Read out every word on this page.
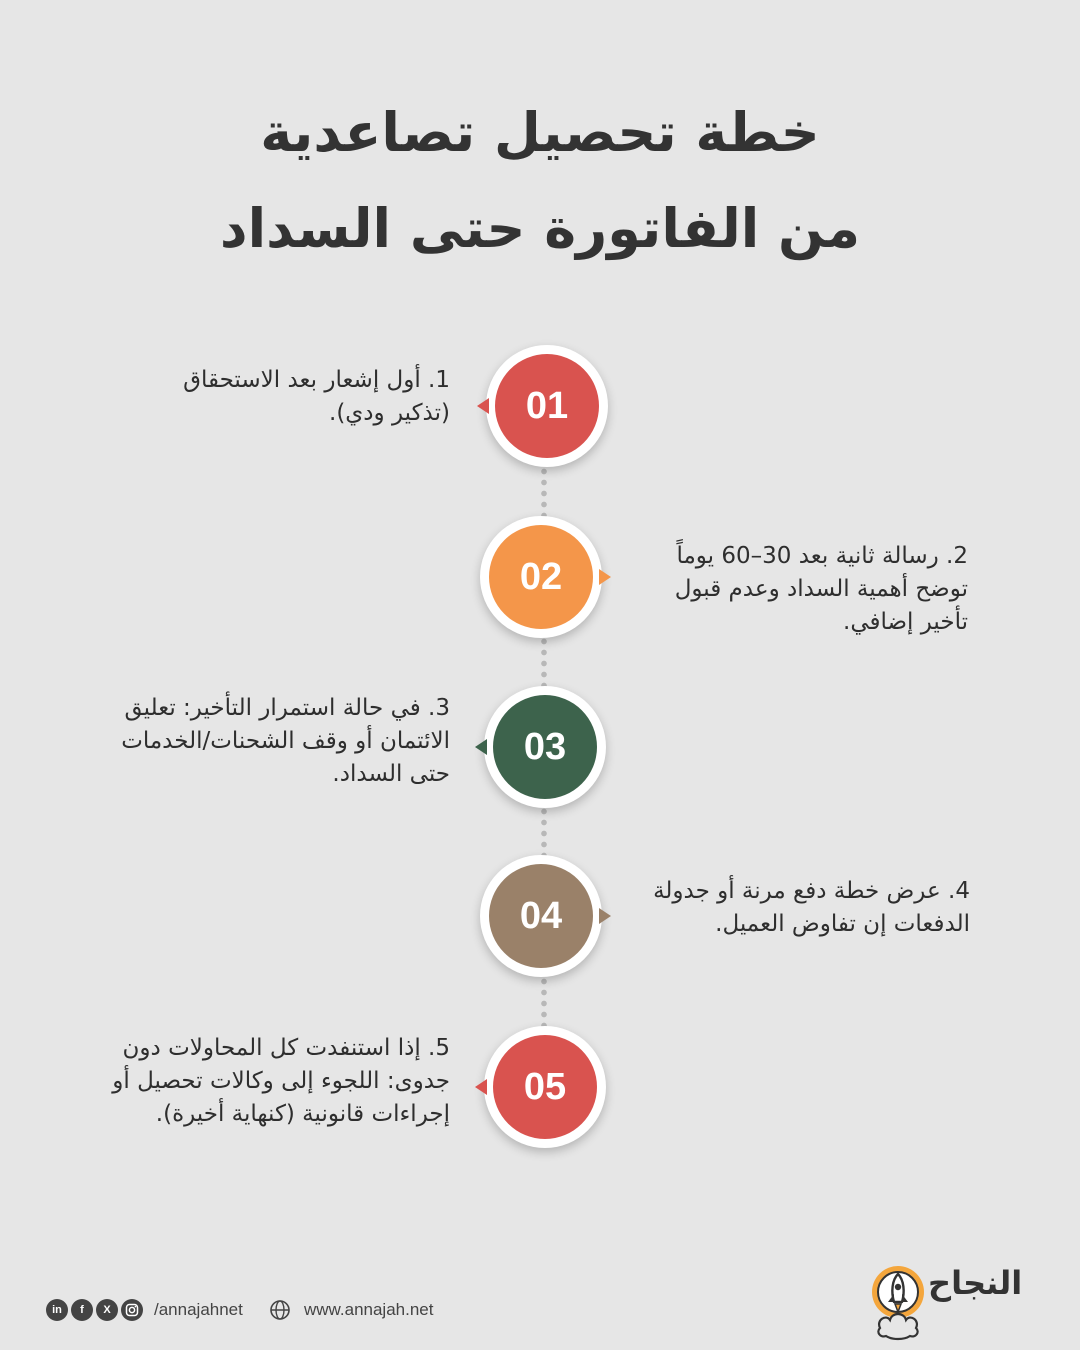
خطة تحصيل تصاعدية
من الفاتورة حتى السداد
01
1. أول إشعار بعد الاستحقاق (تذكير ودي).
02	2. رسالة ثانية بعد 30–60 يوماً توضح أهمية السداد وعدم قبول تأخير إضافي.
03
3. في حالة استمرار التأخير: تعليق الائتمان أو وقف الشحنات/الخدمات حتى السداد.
04
4. عرض خطة دفع مرنة أو جدولة الدفعات إن تفاوض العميل.
05
5. إذا استنفدت كل المحاولات دون جدوى: اللجوء إلى وكالات تحصيل أو إجراءات قانونية (كنهاية أخيرة).
in	f	X	/annajahnet	www.annajah.net
النجاح
